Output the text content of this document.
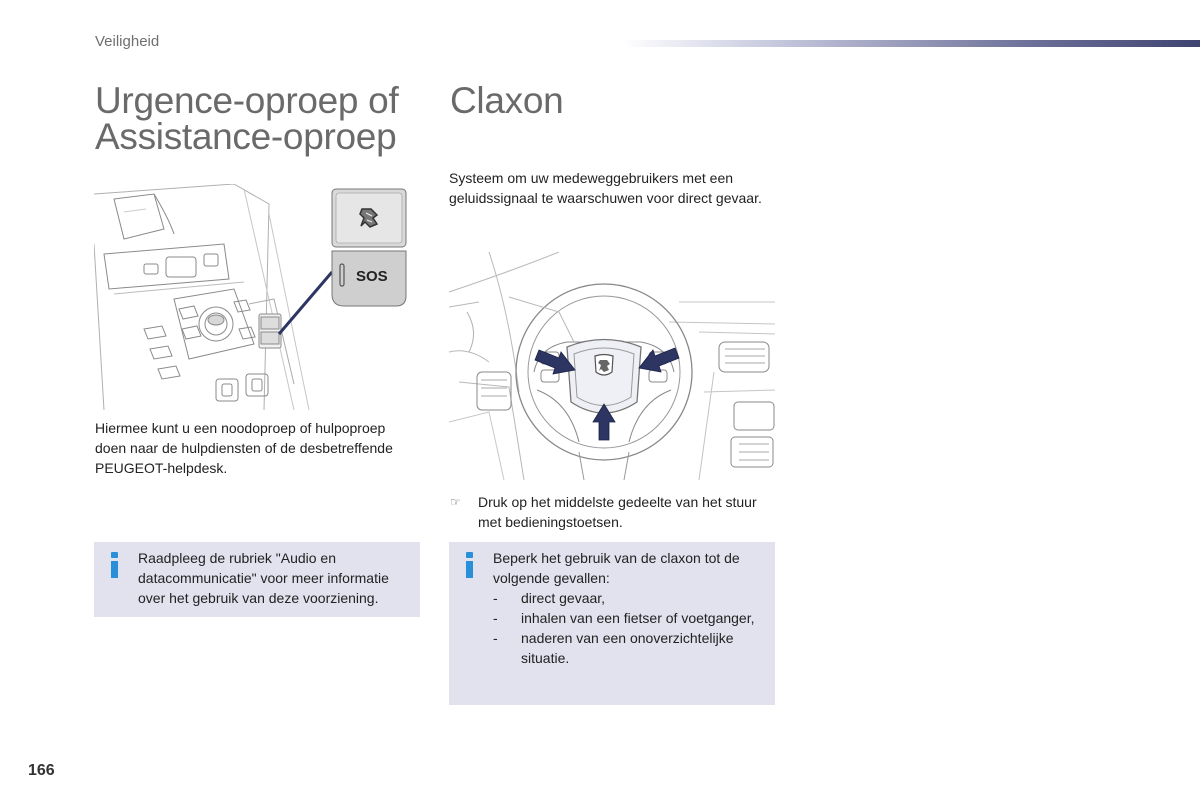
Veiligheid
Urgence-oproep of
Assistance-oproep
SOS
Hiermee kunt u een noodoproep of hulpoproep doen naar de hulpdiensten of de desbetreffende PEUGEOT-helpdesk.
Raadpleeg de rubriek "Audio en datacommunicatie" voor meer informatie over het gebruik van deze voorziening.
Claxon
Systeem om uw medeweggebruikers met een geluidssignaal te waarschuwen voor direct gevaar.
☞ Druk op het middelste gedeelte van het stuur met bedieningstoetsen.
Beperk het gebruik van de claxon tot de volgende gevallen:
- direct gevaar,
- inhalen van een fietser of voetganger,
- naderen van een onoverzichtelijke situatie.
166
